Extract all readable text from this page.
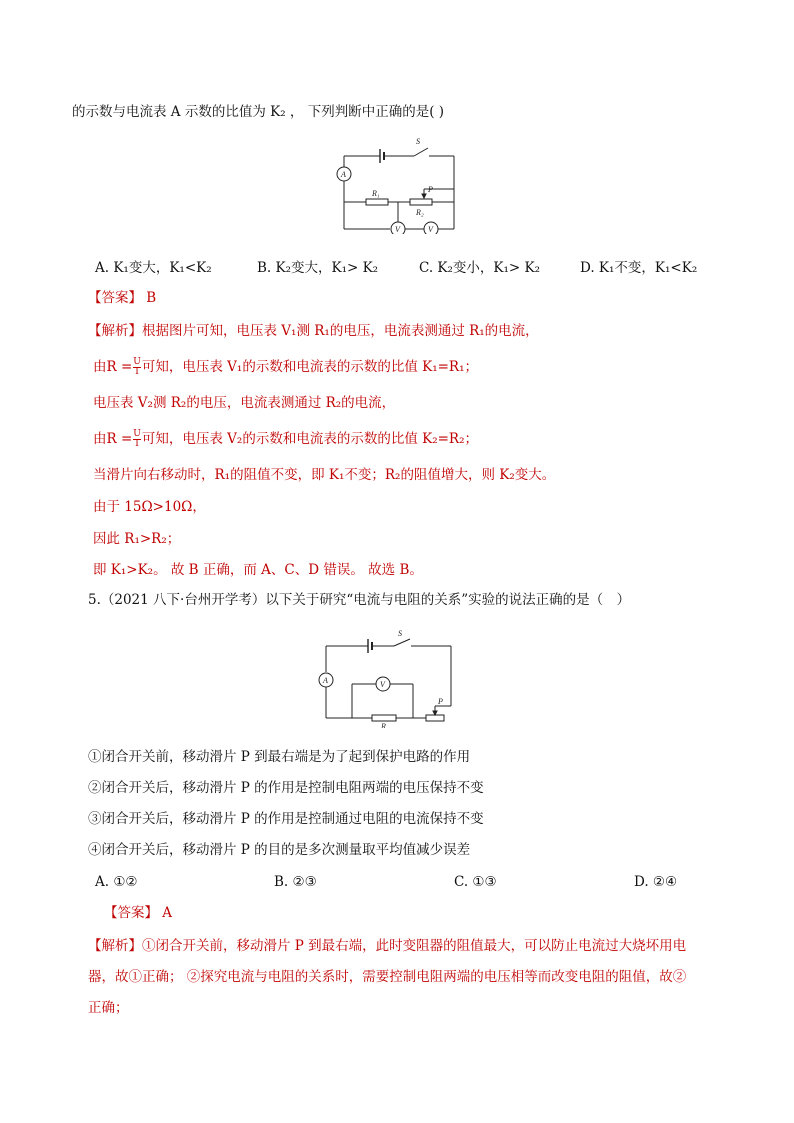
的示数与电流表 A 示数的比值为 K₂ ， 下列判断中正确的是( )
S
A
R₁
R₂
P
V	V
A. K₁变大，K₁<K₂	B. K₂变大，K₁> K₂	C. K₂变小，K₁> K₂	D. K₁不变，K₁<K₂
【答案】 B
【解析】根据图片可知，电压表 V₁测 R₁的电压，电流表测通过 R₁的电流，
由$R = \frac{U}{I}$ 可知，电压表 V₁的示数和电流表的示数的比值 K₁=R₁；
电压表 V₂测 R₂的电压，电流表测通过 R₂的电流，
由$R = \frac{U}{I}$ 可知，电压表 V₂的示数和电流表的示数的比值 K₂=R₂；
当滑片向右移动时，R₁的阻值不变，即 K₁不变；R₂的阻值增大，则 K₂变大。
由于 15Ω>10Ω，
因此 R₁>R₂；
即 K₁>K₂。 故 B 正确，而 A、C、D 错误。 故选 B。
5.（2021 八下·台州开学考）以下关于研究“电流与电阻的关系”实验的说法正确的是（　）
S
A	V
R
P
①闭合开关前，移动滑片 P 到最右端是为了起到保护电路的作用
②闭合开关后，移动滑片 P 的作用是控制电阻两端的电压保持不变
③闭合开关后，移动滑片 P 的作用是控制通过电阻的电流保持不变
④闭合开关后，移动滑片 P 的目的是多次测量取平均值减少误差
A. ①②	B. ②③	C. ①③	D. ②④
【答案】 A
【解析】①闭合开关前，移动滑片 P 到最右端，此时变阻器的阻值最大，可以防止电流过大烧坏用电
器，故①正确； ②探究电流与电阻的关系时，需要控制电阻两端的电压相等而改变电阻的阻值，故②
正确；
